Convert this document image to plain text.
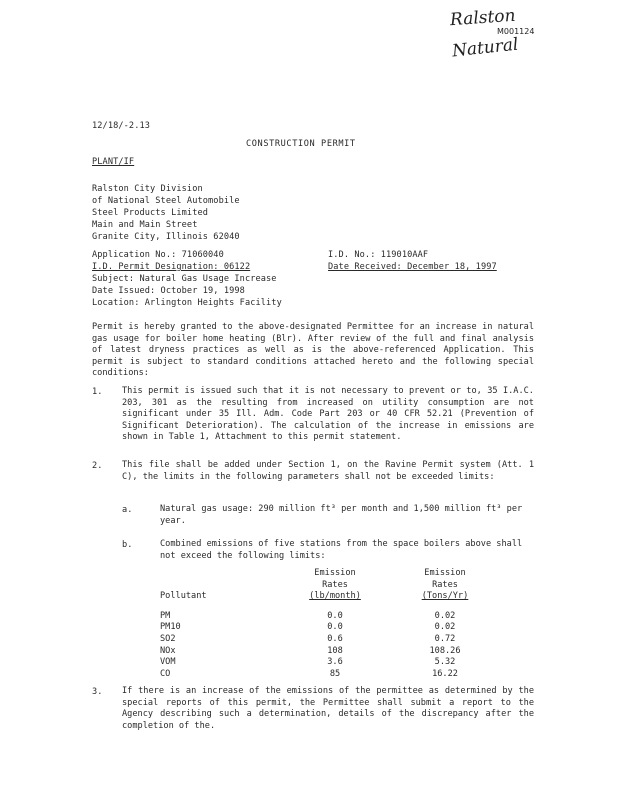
Ralston
M001124
Natural
12/18/-2.13
CONSTRUCTION PERMIT
PLANT/IF
Ralston City Division
of National Steel Automobile
Steel Products Limited
Main and Main Street
Granite City, Illinois 62040
Application No.: 71060040
I.D. Permit Designation: 06122
Subject: Natural Gas Usage Increase
Date Issued: October 19, 1998
Location: Arlington Heights Facility
I.D. No.: 119010AAF
Date Received: December 18, 1997
Permit is hereby granted to the above-designated Permittee for an increase in natural gas usage for boiler home heating (Blr). After review of the full and final analysis of latest dryness practices as well as is the above-referenced Application. This permit is subject to standard conditions attached hereto and the following special conditions:
1. This permit is issued such that it is not necessary to prevent or to, 35 I.A.C. 203, 301 as the resulting from increased on utility consumption are not significant under 35 Ill. Adm. Code Part 203 or 40 CFR 52.21 (Prevention of Significant Deterioration). The calculation of the increase in emissions are shown in Table 1, Attachment to this permit statement.
2. This file shall be added under Section 1, on the Ravine Permit system (Att. 1 C), the limits in the following parameters shall not be exceeded limits:
a.	Natural gas usage: 290 million ft³ per month and 1,500 million ft³ per year.
b.	Combined emissions of five stations from the space boilers above shall not exceed the following limits:
	Emission	Emission
	Rates	Rates
Pollutant	(lb/month)	(Tons/Yr)

PM	0.0	0.02
PM10	0.0	0.02
SO2	0.6	0.72
NOx	108	108.26
VOM	3.6	5.32
CO	85	16.22
3. If there is an increase of the emissions of the permittee as determined by the special reports of this permit, the Permittee shall submit a report to the Agency describing such a determination, details of the discrepancy after the completion of the.
